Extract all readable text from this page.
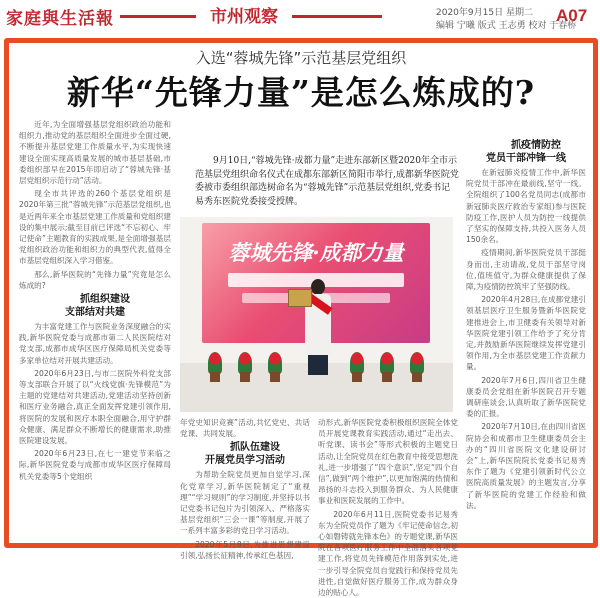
家庭與生活報	市州观察	2020年9月15日 星期二
编辑 宁曦 版式 王志勇 校对 于春桥
A07
入选“蓉城先锋”示范基层党组织
新华“先锋力量”是怎么炼成的?

近年,为全面增强基层党组织政治功能和组织力,推动党的基层组织全面进步全面过硬,不断提升基层党建工作质量水平,为实现快速建设全面实现高质量发展的城市基层基础,市委组织部早在2015年即启动了“蓉城先锋·基层党组织示范行动”活动。

现全市共评选的260个基层党组织是2020年第三批“蓉城先锋”示范基层党组织,也是近两年来全市基层党建工作质量和党组织建设的集中展示;截至目前已评选“不忘初心、牢记使命”主题教育的实践成果,是全面增强基层党组织政治功能和组织力的典型代表,值得全市基层党组织深入学习借鉴。

那么,新华医院的“先锋力量”究竟是怎么炼成的?

抓组织建设
支部结对共建

为丰富党建工作与医院业务深度融合的实践,新华医院党委与成都市第二人民医院结对党支部,成都市成华区医疗保障局机关党委等多家单位结对开展共建活动。

2020年6月23日,与市二医院外科党支部等支部联合开展了以“火线党旗·先锋模范”为主题的党建结对共建活动,党建活动坚持创新和医疗业务融合,真正全面发挥党建引领作用,将医院的发展和医疗本职全面融合,用守护群众健康、满足群众不断增长的健康需求,助推医院建设发展。

2020年6月23日,在七一建党节来临之际,新华医院党委与成都市成华区医疗保障局机关党委等5个党组织

9月10日,“蓉城先锋·成都力量”走进东部新区暨2020年全市示范基层党组织命名仪式在成都东部新区简阳市举行,成都新华医院党委被市委组织部选树命名为“蓉城先锋”示范基层党组织,党委书记易秀东医院党委接受授牌。
蓉城先锋·成都力量

年党史知识竞赛”活动,共忆党史、共话党课、共同发展。

抓队伍建设
开展党员学习活动

为帮助全院党员更加自觉学习,深化党章学习,新华医院制定了“重视理”“学习规则”的学习制度,并坚持以书记党委书记包片为引领深入、严格落实基层党组织“三会一课”等制度,开展了一系列丰富多彩的党日学习活动。

2020年5月8日,为推进思想建设引领,弘扬长征精神,传承红色基因,

动形式,新华医院党委积极组织医院全体党员开展党课教育实践活动,通过“走出去、听党课、读书会”等形式积极的主题党日活动,让全院党员在红色教育中接受思想洗礼,进一步增强了“四个意识”,坚定“四个自信”,做到“两个维护”,以更加饱满的热情和昂扬的斗志投入到服务群众、为人民健康事业和医院发展的工作中。

2020年6月11日,医院党委书记易秀东为全院党员作了题为《牢记使命信念,初心如磐铸就先锋本色》的专题党课,新华医院在各项医疗服务工作中全面落实各项党建工作,将党员先锋模范作用落到实处,进一步引导全院党员自觉践行和保持党员先进性,自觉做好医疗服务工作,成为群众身边的贴心人。

抓疫情防控
党员干部冲锋一线

在新冠肺炎疫情工作中,新华医院党员干部冲在最前线,坚守一线。全院组织了100名党员同志(成都市新冠肺炎医疗救治专家组)参与医院防疫工作,医护人员为防控一线提供了坚实的保障支持,共投入医务人员150余名。

疫情期间,新华医院党员干部挺身而出,主动请战,党员干部坚守岗位,值班值守,为群众健康提供了保障,为疫情防控筑牢了坚强防线。

2020年4月28日,在成都党建引领基层医疗卫生服务暨新华医院党建推进会上,市卫健委有关领导对新华医院党建引领工作给予了充分肯定,并鼓励新华医院继续发挥党建引领作用,为全市基层党建工作贡献力量。

2020年7月6日,四川省卫生健康委员会党组在新华医院召开专题调研座谈会,认真听取了新华医院党委的汇报。

2020年7月10日,在由四川省医院协会和成都市卫生健康委员会主办的“四川省医院文化建设研讨会”上,新华医院院长党委书记易秀东作了题为《党建引领新时代公立医院高质量发展》的主题发言,分享了新华医院的党建工作经验和做法。
